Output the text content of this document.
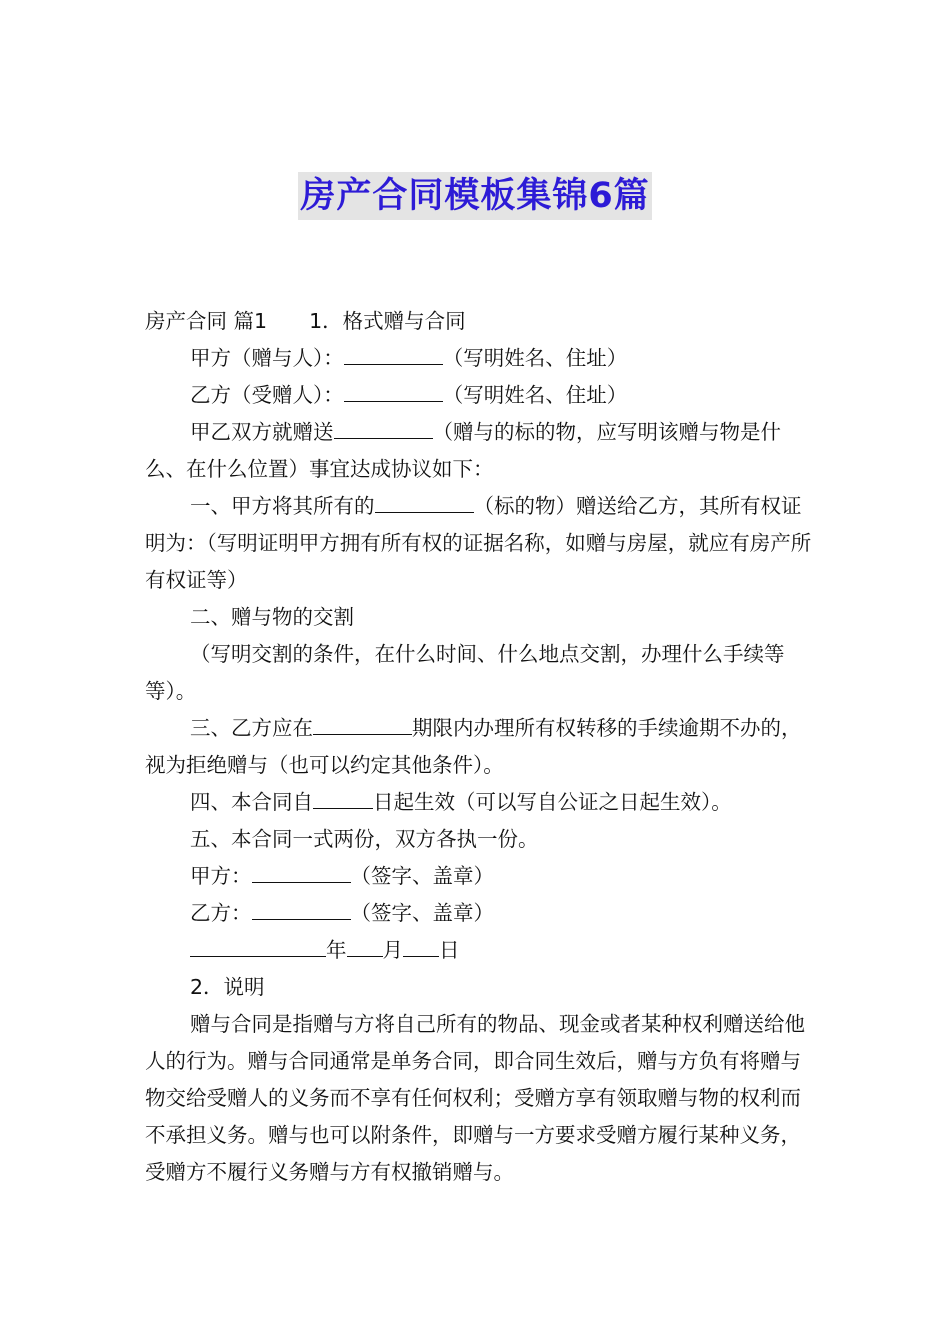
房产合同模板集锦6篇

房产合同 篇1 1．格式赠与合同

甲方（赠与人）：	（写明姓名、住址）

乙方（受赠人）：	（写明姓名、住址）

甲乙双方就赠送	（赠与的标的物，应写明该赠与物是什么、在什么位置）事宜达成协议如下：

一、甲方将其所有的	（标的物）赠送给乙方，其所有权证明为：（写明证明甲方拥有所有权的证据名称，如赠与房屋，就应有房产所有权证等）

二、赠与物的交割

（写明交割的条件，在什么时间、什么地点交割，办理什么手续等等）。

三、乙方应在	期限内办理所有权转移的手续逾期不办的，视为拒绝赠与（也可以约定其他条件）。

四、本合同自	日起生效（可以写自公证之日起生效）。

五、本合同一式两份，双方各执一份。

甲方：	（签字、盖章）

乙方：	（签字、盖章）

年 月 日

2．说明

赠与合同是指赠与方将自己所有的物品、现金或者某种权利赠送给他人的行为。赠与合同通常是单务合同，即合同生效后，赠与方负有将赠与物交给受赠人的义务而不享有任何权利；受赠方享有领取赠与物的权利而不承担义务。赠与也可以附条件，即赠与一方要求受赠方履行某种义务，受赠方不履行义务赠与方有权撤销赠与。
